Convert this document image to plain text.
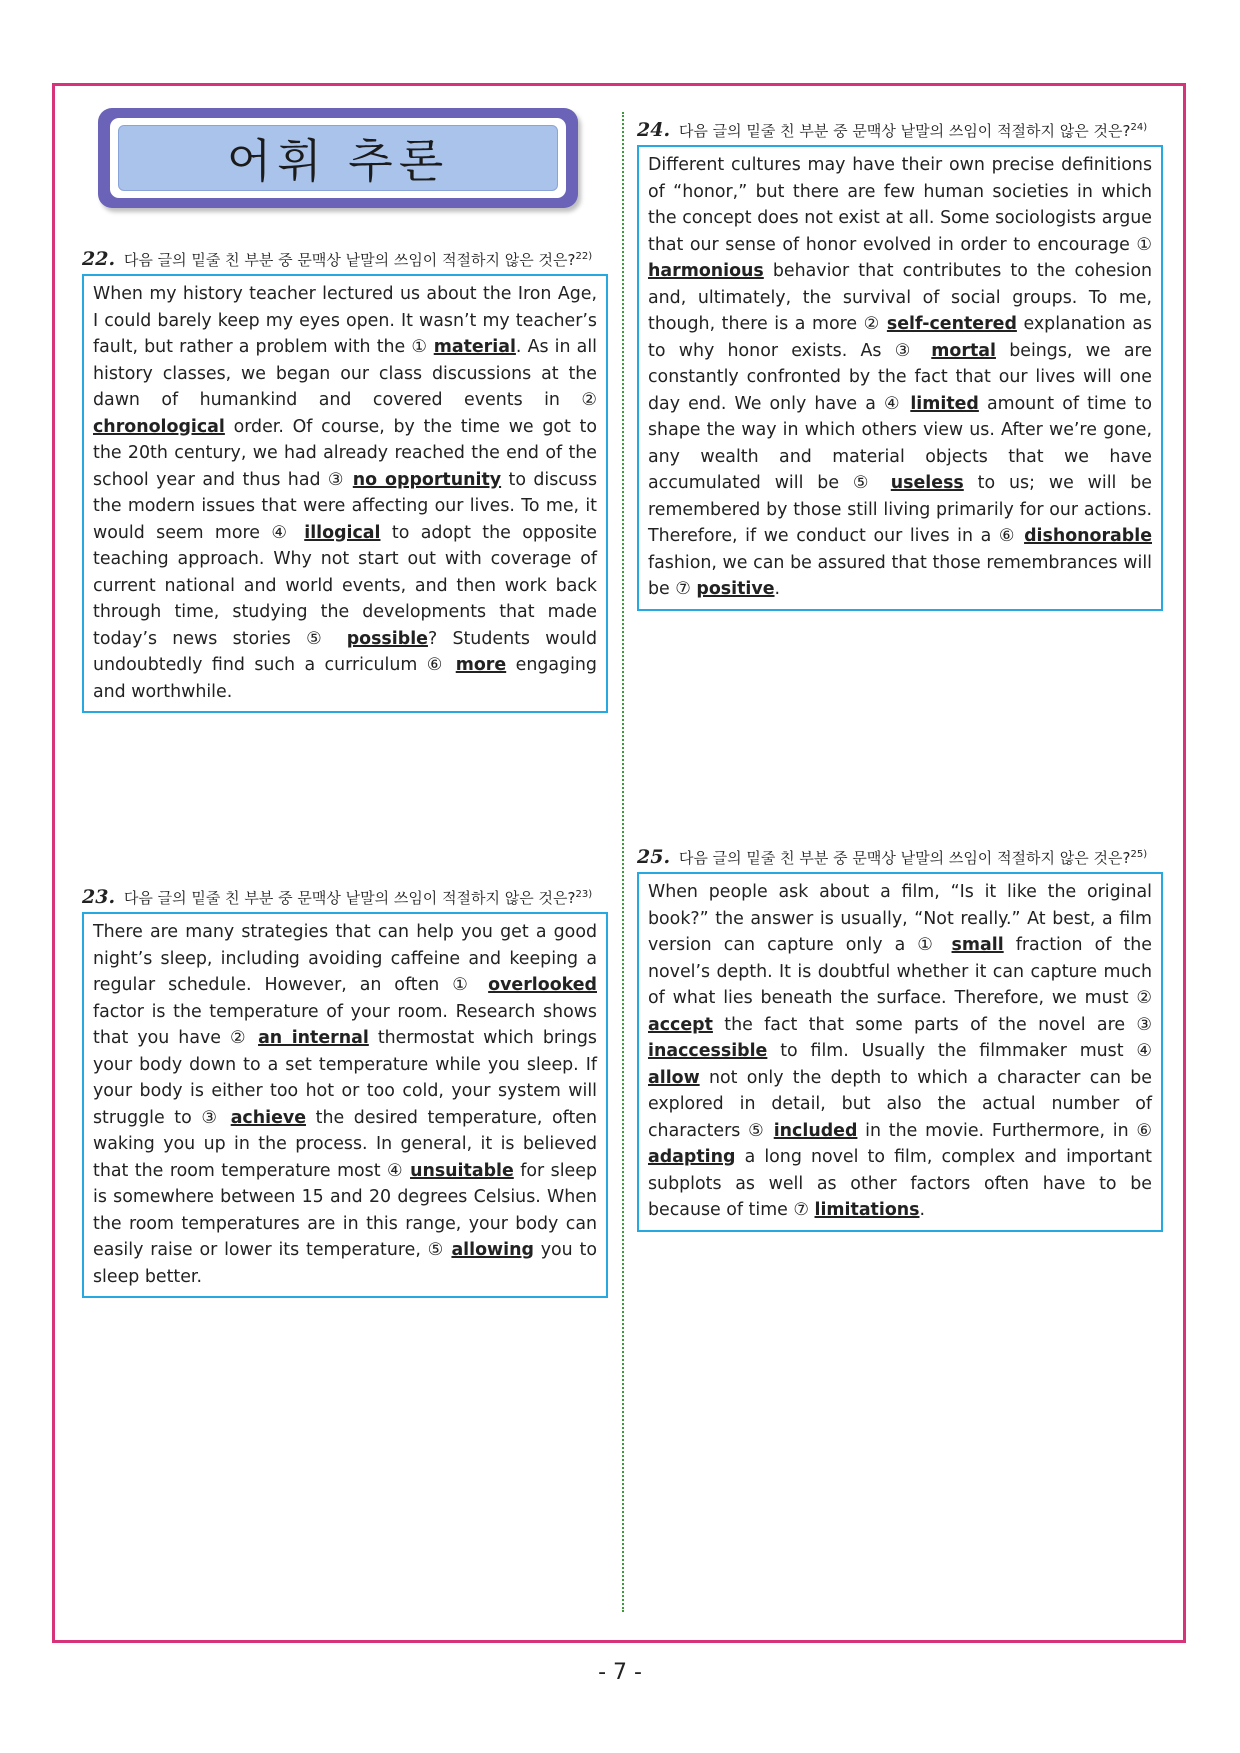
어휘 추론
22. 다음 글의 밑줄 친 부분 중 문맥상 낱말의 쓰임이 적절하지 않은 것은?$^{22)}$
When my history teacher lectured us about the Iron Age, I could barely keep my eyes open. It wasn’t my teacher’s fault, but rather a problem with the ① material. As in all history classes, we began our class discussions at the dawn of humankind and covered events in ② chronological order. Of course, by the time we got to the 20th century, we had already reached the end of the school year and thus had ③ no opportunity to discuss the modern issues that were affecting our lives. To me, it would seem more ④ illogical to adopt the opposite teaching approach. Why not start out with coverage of current national and world events, and then work back through time, studying the developments that made today’s news stories ⑤ possible? Students would undoubtedly find such a curriculum ⑥ more engaging and worthwhile.
23. 다음 글의 밑줄 친 부분 중 문맥상 낱말의 쓰임이 적절하지 않은 것은?$^{23)}$
There are many strategies that can help you get a good night’s sleep, including avoiding caffeine and keeping a regular schedule. However, an often ① overlooked factor is the temperature of your room. Research shows that you have ② an internal thermostat which brings your body down to a set temperature while you sleep. If your body is either too hot or too cold, your system will struggle to ③ achieve the desired temperature, often waking you up in the process. In general, it is believed that the room temperature most ④ unsuitable for sleep is somewhere between 15 and 20 degrees Celsius. When the room temperatures are in this range, your body can easily raise or lower its temperature, ⑤ allowing you to sleep better.
24. 다음 글의 밑줄 친 부분 중 문맥상 낱말의 쓰임이 적절하지 않은 것은?$^{24)}$
Different cultures may have their own precise definitions of “honor,” but there are few human societies in which the concept does not exist at all. Some sociologists argue that our sense of honor evolved in order to encourage ① harmonious behavior that contributes to the cohesion and, ultimately, the survival of social groups. To me, though, there is a more ② self-centered explanation as to why honor exists. As ③ mortal beings, we are constantly confronted by the fact that our lives will one day end. We only have a ④ limited amount of time to shape the way in which others view us. After we’re gone, any wealth and material objects that we have accumulated will be ⑤ useless to us; we will be remembered by those still living primarily for our actions. Therefore, if we conduct our lives in a ⑥ dishonorable fashion, we can be assured that those remembrances will be ⑦ positive.
25. 다음 글의 밑줄 친 부분 중 문맥상 낱말의 쓰임이 적절하지 않은 것은?$^{25)}$
When people ask about a film, “Is it like the original book?” the answer is usually, “Not really.” At best, a film version can capture only a ① small fraction of the novel’s depth. It is doubtful whether it can capture much of what lies beneath the surface. Therefore, we must ② accept the fact that some parts of the novel are ③ inaccessible to film. Usually the filmmaker must ④ allow not only the depth to which a character can be explored in detail, but also the actual number of characters ⑤ included in the movie. Furthermore, in ⑥ adapting a long novel to film, complex and important subplots as well as other factors often have to be because of time ⑦ limitations.
- 7 -
